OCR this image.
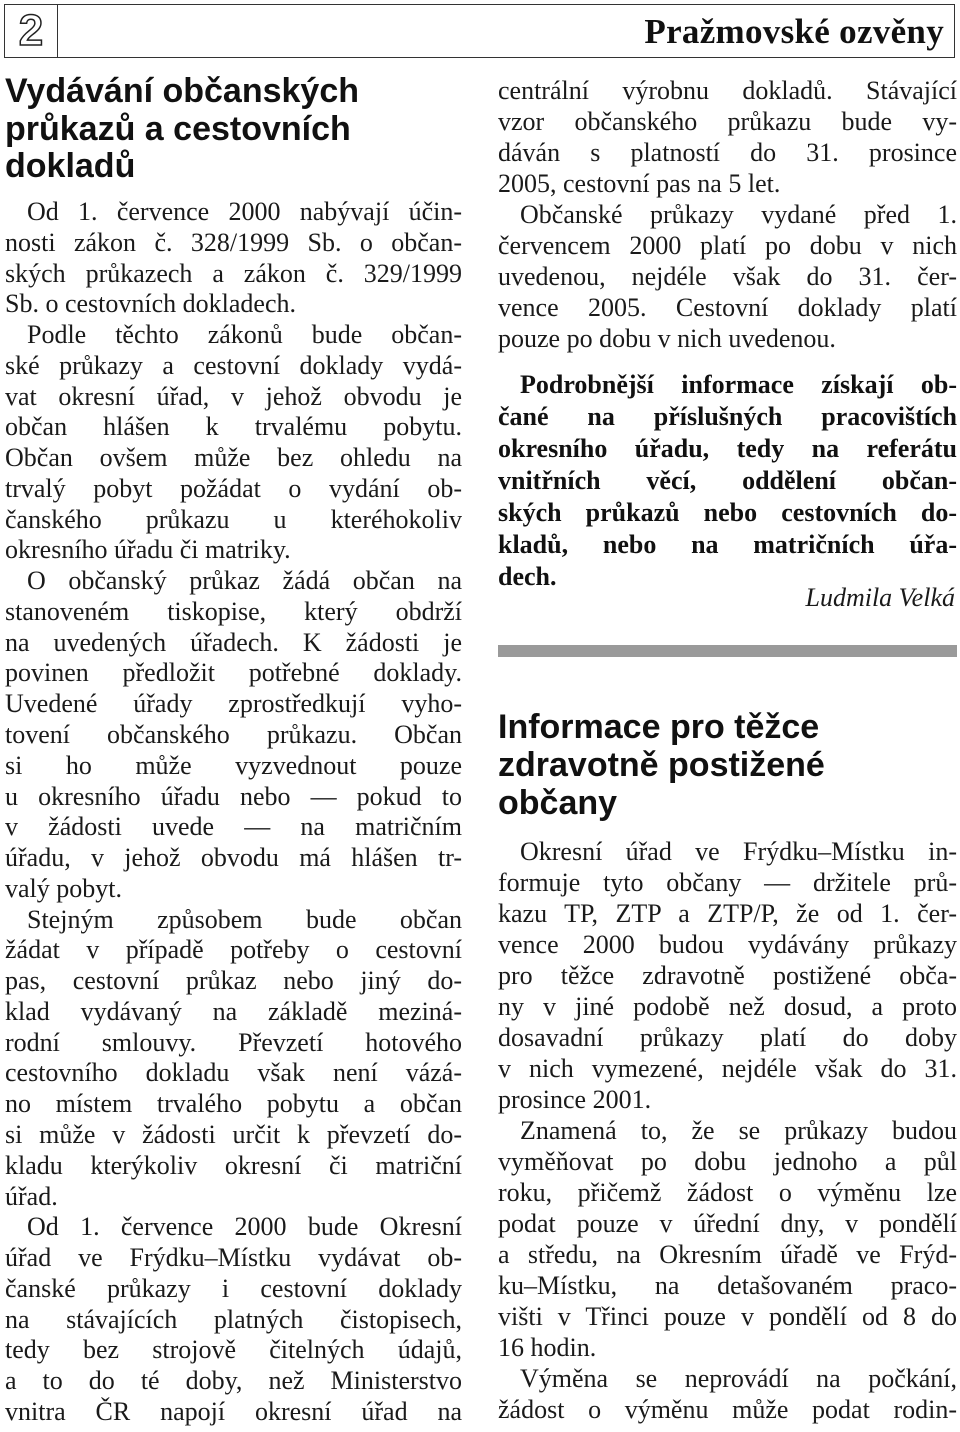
2	Pražmovské ozvěny
Vydávání občanských
průkazů a cestovních
dokladů
Od 1. července 2000 nabývají účin-
nosti zákon č. 328/1999 Sb. o občan-
ských průkazech a zákon č. 329/1999
Sb. o cestovních dokladech.
Podle těchto zákonů bude občan-
ské průkazy a cestovní doklady vydá-
vat okresní úřad, v jehož obvodu je
občan hlášen k trvalému pobytu.
Občan ovšem může bez ohledu na
trvalý pobyt požádat o vydání ob-
čanského průkazu u kteréhokoliv
okresního úřadu či matriky.
O občanský průkaz žádá občan na
stanoveném tiskopise, který obdrží
na uvedených úřadech. K žádosti je
povinen předložit potřebné doklady.
Uvedené úřady zprostředkují vyho-
tovení občanského průkazu. Občan
si ho může vyzvednout pouze
u okresního úřadu nebo — pokud to
v žádosti uvede — na matričním
úřadu, v jehož obvodu má hlášen tr-
valý pobyt.
Stejným způsobem bude občan
žádat v případě potřeby o cestovní
pas, cestovní průkaz nebo jiný do-
klad vydávaný na základě meziná-
rodní smlouvy. Převzetí hotového
cestovního dokladu však není vázá-
no místem trvalého pobytu a občan
si může v žádosti určit k převzetí do-
kladu kterýkoliv okresní či matriční
úřad.
Od 1. července 2000 bude Okresní
úřad ve Frýdku–Místku vydávat ob-
čanské průkazy i cestovní doklady
na stávajících platných čistopisech,
tedy bez strojově čitelných údajů,
a to do té doby, než Ministerstvo
vnitra ČR napojí okresní úřad na
centrální výrobnu dokladů. Stávající
vzor občanského průkazu bude vy-
dáván s platností do 31. prosince
2005, cestovní pas na 5 let.
Občanské průkazy vydané před 1.
červencem 2000 platí po dobu v nich
uvedenou, nejdéle však do 31. čer-
vence 2005. Cestovní doklady platí
pouze po dobu v nich uvedenou.
Podrobnější informace získají ob-
čané na příslušných pracovištích
okresního úřadu, tedy na referátu
vnitřních věcí, oddělení občan-
ských průkazů nebo cestovních do-
kladů, nebo na matričních úřa-
dech.
Ludmila Velká
Informace pro těžce
zdravotně postižené
občany
Okresní úřad ve Frýdku–Místku in-
formuje tyto občany — držitele prů-
kazu TP, ZTP a ZTP/P, že od 1. čer-
vence 2000 budou vydávány průkazy
pro těžce zdravotně postižené obča-
ny v jiné podobě než dosud, a proto
dosavadní průkazy platí do doby
v nich vymezené, nejdéle však do 31.
prosince 2001.
Znamená to, že se průkazy budou
vyměňovat po dobu jednoho a půl
roku, přičemž žádost o výměnu lze
podat pouze v úřední dny, v pondělí
a středu, na Okresním úřadě ve Frýd-
ku–Místku, na detašovaném praco-
višti v Třinci pouze v pondělí od 8 do
16 hodin.
Výměna se neprovádí na počkání,
žádost o výměnu může podat rodin-
